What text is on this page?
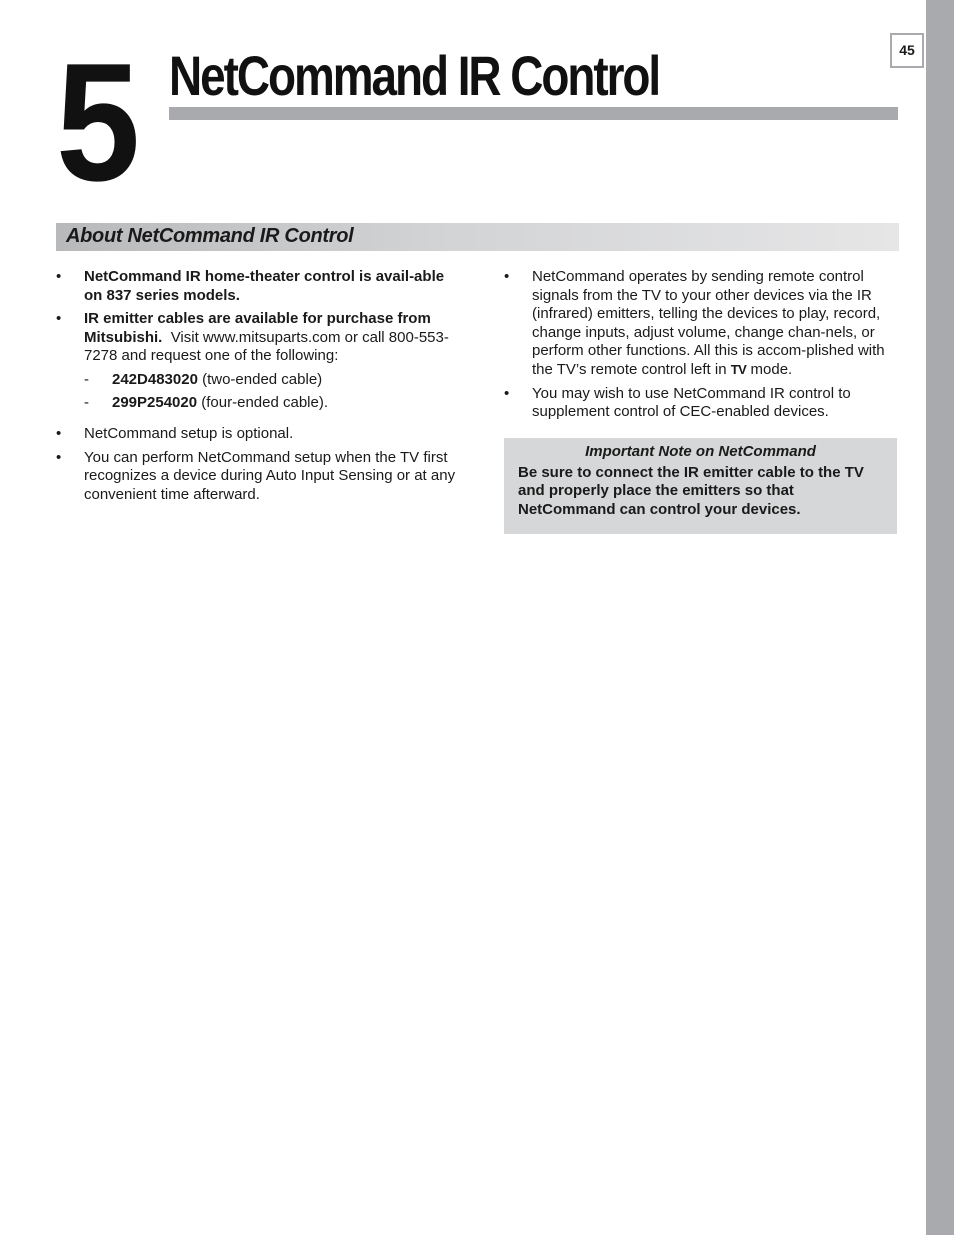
45
5 NetCommand IR Control
About NetCommand IR Control
• NetCommand IR home-theater control is avail-able on 837 series models.
• IR emitter cables are available for purchase from Mitsubishi. Visit www.mitsuparts.com or call 800-553-7278 and request one of the following:
- 242D483020 (two-ended cable)
- 299P254020 (four-ended cable).
• NetCommand setup is optional.
• You can perform NetCommand setup when the TV first recognizes a device during Auto Input Sensing or at any convenient time afterward.
• NetCommand operates by sending remote control signals from the TV to your other devices via the IR (infrared) emitters, telling the devices to play, record, change inputs, adjust volume, change chan-nels, or perform other functions. All this is accom-plished with the TV’s remote control left in TV mode.
• You may wish to use NetCommand IR control to supplement control of CEC-enabled devices.
Important Note on NetCommand
Be sure to connect the IR emitter cable to the TV and properly place the emitters so that NetCommand can control your devices.
